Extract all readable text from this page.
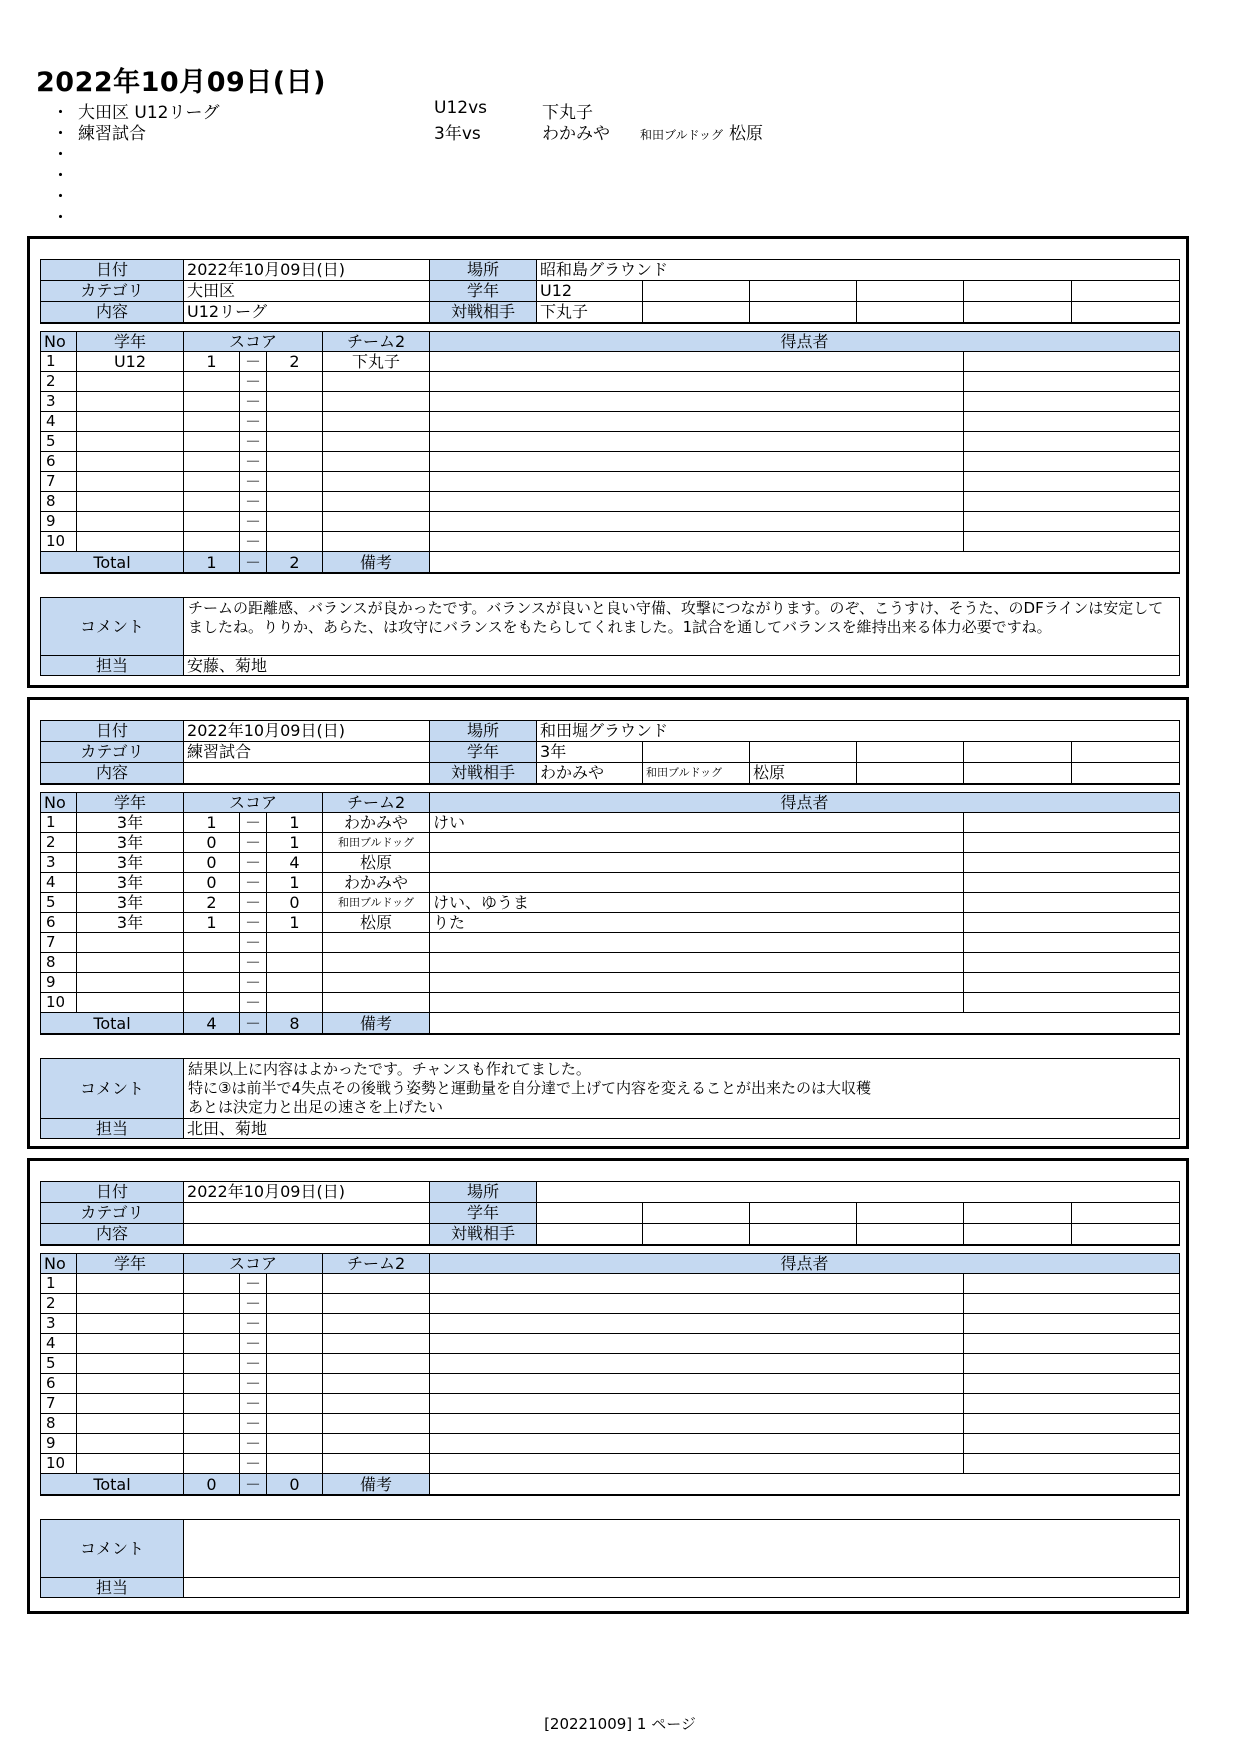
2022年10月09日(日)
・ 大田区 U12リーグ	U12vs	下丸子
・ 練習試合	3年vs	わかみや	和田ブルドッグ 松原
・
・
・
・
日付	2022年10月09日(日)	場所	昭和島グラウンド					
カテゴリ	大田区	学年	U12					
内容	U12リーグ	対戦相手	下丸子					
No	学年	スコア			チーム2	得点者	
1	U12	1	－	2	下丸子		
2			－				
3			－				
4			－				
5			－				
6			－				
7			－				
8			－				
9			－				
10			－				
Total		1	－	2	備考		
コメント	チームの距離感、バランスが良かったです。バランスが良いと良い守備、攻撃につながります。のぞ、こうすけ、そうた、のDFラインは安定してましたね。りりか、あらた、は攻守にバランスをもたらしてくれました。1試合を通してバランスを維持出来る体力必要ですね。
担当	安藤、菊地
日付	2022年10月09日(日)	場所	和田堀グラウンド					
カテゴリ	練習試合	学年	3年					
内容		対戦相手	わかみや	和田ブルドッグ	松原			
No	学年	スコア			チーム2	得点者	
1	3年	1	－	1	わかみや	けい	
2	3年	0	－	1	和田ブルドッグ		
3	3年	0	－	4	松原		
4	3年	0	－	1	わかみや		
5	3年	2	－	0	和田ブルドッグ	けい、ゆうま	
6	3年	1	－	1	松原	りた	
7			－				
8			－				
9			－				
10			－				
Total		4	－	8	備考		
コメント	結果以上に内容はよかったです。チャンスも作れてました。
特に③は前半で4失点その後戦う姿勢と運動量を自分達で上げて内容を変えることが出来たのは大収穫
あとは決定力と出足の速さを上げたい
担当	北田、菊地
日付	2022年10月09日(日)	場所						
カテゴリ		学年						
内容		対戦相手						
No	学年	スコア			チーム2	得点者	
1			－				
2			－				
3			－				
4			－				
5			－				
6			－				
7			－				
8			－				
9			－				
10			－				
Total		0	－	0	備考		
コメント	
担当	
[20221009] 1 ページ
